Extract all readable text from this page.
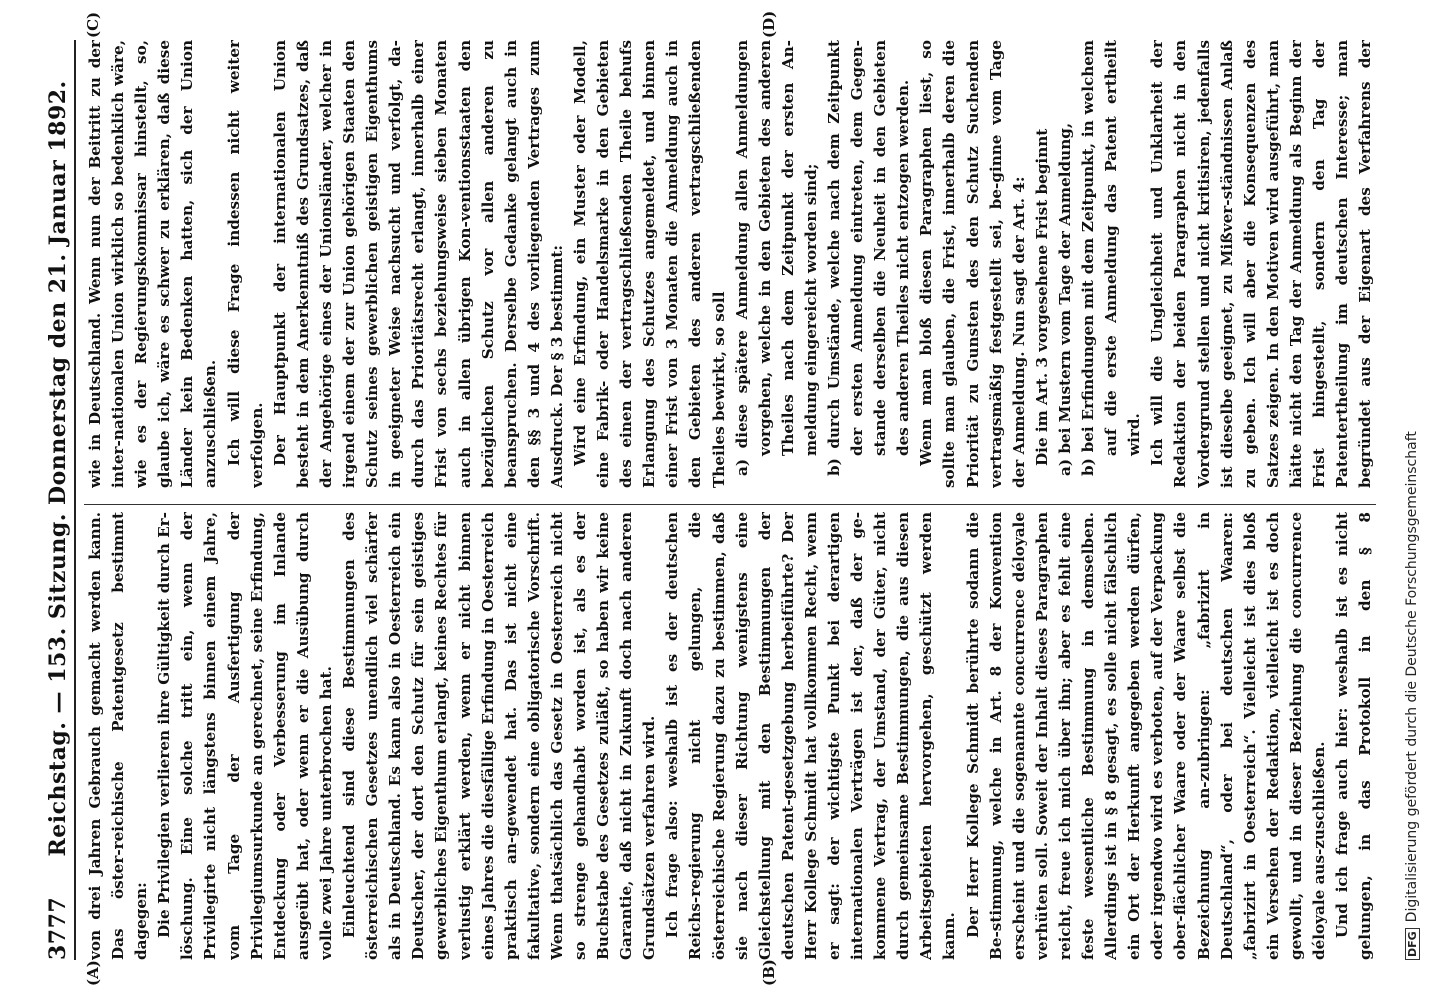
3777
Reichstag. — 153. Sitzung. Donnerstag den 21. Januar 1892.
(A)	(B)
(C)	(D)

von drei Jahren Gebrauch gemacht werden kann. Das öster-reichische Patentgesetz bestimmt dagegen: Die Privilegien verlieren ihre Gültigkeit durch Er-löschung. Eine solche tritt ein, wenn der Privilegirte nicht längstens binnen einem Jahre, vom Tage der Ausfertigung der Privilegiumsurkunde an gerechnet, seine Erfindung, Entdeckung oder Verbesserung im Inlande ausgeübt hat, oder wenn er die Ausübung durch volle zwei Jahre unterbrochen hat. Einleuchtend sind diese Bestimmungen des österreichischen Gesetzes unendlich viel schärfer als in Deutschland. Es kann also in Oesterreich ein Deutscher, der dort den Schutz für sein geistiges gewerbliches Eigenthum erlangt, keines Rechtes für verlustig erklärt werden, wenn er nicht binnen eines Jahres die diesfällige Erfindung in Oesterreich praktisch an-gewendet hat. Das ist nicht eine fakultative, sondern eine obligatorische Vorschrift. Wenn thatsächlich das Gesetz in Oesterreich nicht so strenge gehandhabt worden ist, als es der Buchstabe des Gesetzes zuläßt, so haben wir keine Garantie, daß nicht in Zukunft doch nach anderen Grundsätzen verfahren wird. Ich frage also: weshalb ist es der deutschen Reichs-regierung nicht gelungen, die österreichische Regierung dazu zu bestimmen, daß sie nach dieser Richtung wenigstens eine Gleichstellung mit den Bestimmungen der deutschen Patent-gesetzgebung herbeiführte? Der Herr Kollege Schmidt hat vollkommen Recht, wenn er sagt: der wichtigste Punkt bei derartigen internationalen Verträgen ist der, daß der ge-kommene Vertrag, der Umstand, der Güter, nicht durch gemeinsame Bestimmungen, die aus diesen Arbeitsgebieten hervorgehen, geschützt werden kann. Der Herr Kollege Schmidt berührte sodann die Be-stimmung, welche in Art. 8 der Konvention erscheint und die sogenannte concurrence déloyale verhüten soll. Soweit der Inhalt dieses Paragraphen reicht, freue ich mich über ihn; aber es fehlt eine feste wesentliche Bestimmung in demselben. Allerdings ist in § 8 gesagt, es solle nicht fälschlich ein Ort der Herkunft angegeben werden dürfen, oder irgendwo wird es verboten, auf der Verpackung ober-flächlicher Waare oder der Waare selbst die Bezeichnung an-zubringen: „fabrizirt in Deutschland“, oder bei deutschen Waaren: „fabrizirt in Oesterreich“. Vielleicht ist dies bloß ein Versehen der Redaktion, vielleicht ist es doch gewollt, und in dieser Beziehung die concurrence déloyale aus-zuschließen. Und ich frage auch hier: weshalb ist es nicht gelungen, in das Protokoll in den § 8

wie in Deutschland. Wenn nun der Beitritt zu der inter-nationalen Union wirklich so bedenklich wäre, wie es der Regierungskommissar hinstellt, so, glaube ich, wäre es schwer zu erklären, daß diese Länder kein Bedenken hatten, sich der Union anzuschließen. Ich will diese Frage indessen nicht weiter verfolgen. Der Hauptpunkt der internationalen Union besteht in dem Anerkenntniß des Grundsatzes, daß der Angehörige eines der Unionsländer, welcher in irgend einem der zur Union gehörigen Staaten den Schutz seines gewerblichen geistigen Eigenthums in geeigneter Weise nachsucht und verfolgt, da-durch das Prioritätsrecht erlangt, innerhalb einer Frist von sechs beziehungsweise sieben Monaten auch in allen übrigen Kon-ventionsstaaten den bezüglichen Schutz vor allen anderen zu beanspruchen. Derselbe Gedanke gelangt auch in den §§ 3 und 4 des vorliegenden Vertrages zum Ausdruck. Der § 3 bestimmt: Wird eine Erfindung, ein Muster oder Modell, eine Fabrik- oder Handelsmarke in den Gebieten des einen der vertragschließenden Theile behufs Erlangung des Schutzes angemeldet, und binnen einer Frist von 3 Monaten die Anmeldung auch in den Gebieten des anderen vertragschließenden Theiles bewirkt, so soll a) diese spätere Anmeldung allen Anmeldungen vorgehen, welche in den Gebieten des anderen Theiles nach dem Zeitpunkt der ersten An-meldung eingereicht worden sind; b) durch Umstände, welche nach dem Zeitpunkt der ersten Anmeldung eintreten, dem Gegen-stande derselben die Neuheit in den Gebieten des anderen Theiles nicht entzogen werden. Wenn man bloß diesen Paragraphen liest, so sollte man glauben, die Frist, innerhalb deren die Priorität zu Gunsten des den Schutz Suchenden vertragsmäßig festgestellt sei, be-ginne vom Tage der Anmeldung. Nun sagt der Art. 4: Die im Art. 3 vorgesehene Frist beginnt a) bei Mustern vom Tage der Anmeldung, b) bei Erfindungen mit dem Zeitpunkt, in welchem auf die erste Anmeldung das Patent ertheilt wird. Ich will die Ungleichheit und Unklarheit der Redaktion der beiden Paragraphen nicht in den Vordergrund stellen und nicht kritisiren, jedenfalls ist dieselbe geeignet, zu Mißver-ständnissen Anlaß zu geben. Ich will aber die Konsequenzen des Satzes zeigen. In den Motiven wird ausgeführt, man hätte nicht den Tag der Anmeldung als Beginn der Frist hingestellt, sondern den Tag der Patentertheilung im deutschen Interesse; man begründet aus der Eigenart des Verfahrens der

DFG
Digitalisierung gefördert durch die Deutsche Forschungsgemeinschaft
